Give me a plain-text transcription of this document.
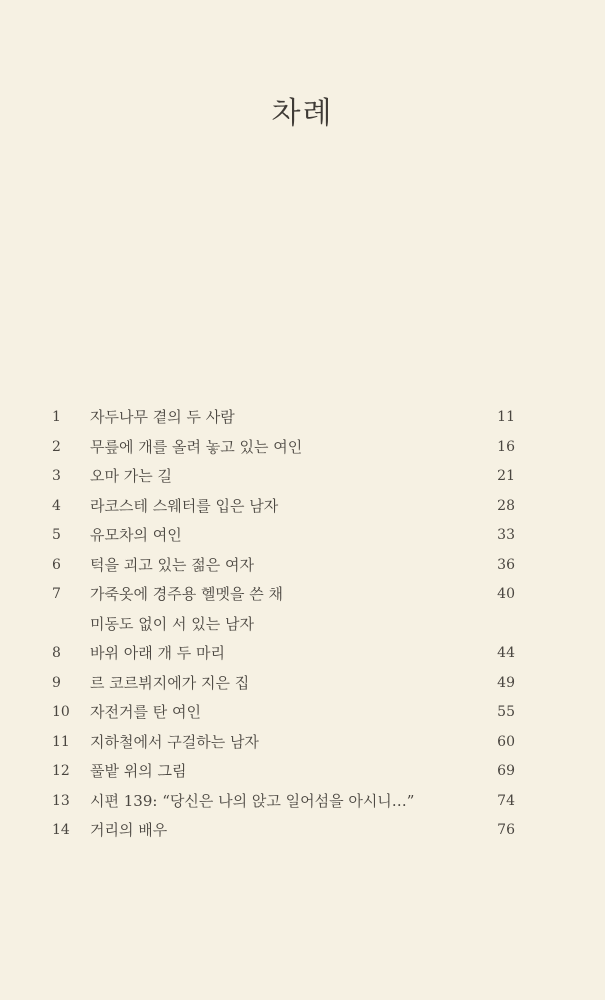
차례
1	자두나무 곁의 두 사람	11
2	무릎에 개를 올려 놓고 있는 여인	16
3	오마 가는 길	21
4	라코스테 스웨터를 입은 남자	28
5	유모차의 여인	33
6	턱을 괴고 있는 젊은 여자	36
7	가죽옷에 경주용 헬멧을 쓴 채	40
미동도 없이 서 있는 남자
8	바위 아래 개 두 마리	44
9	르 코르뷔지에가 지은 집	49
10	자전거를 탄 여인	55
11	지하철에서 구걸하는 남자	60
12	풀밭 위의 그림	69
13	시편 139: “당신은 나의 앉고 일어섬을 아시니…”	74
14	거리의 배우	76
